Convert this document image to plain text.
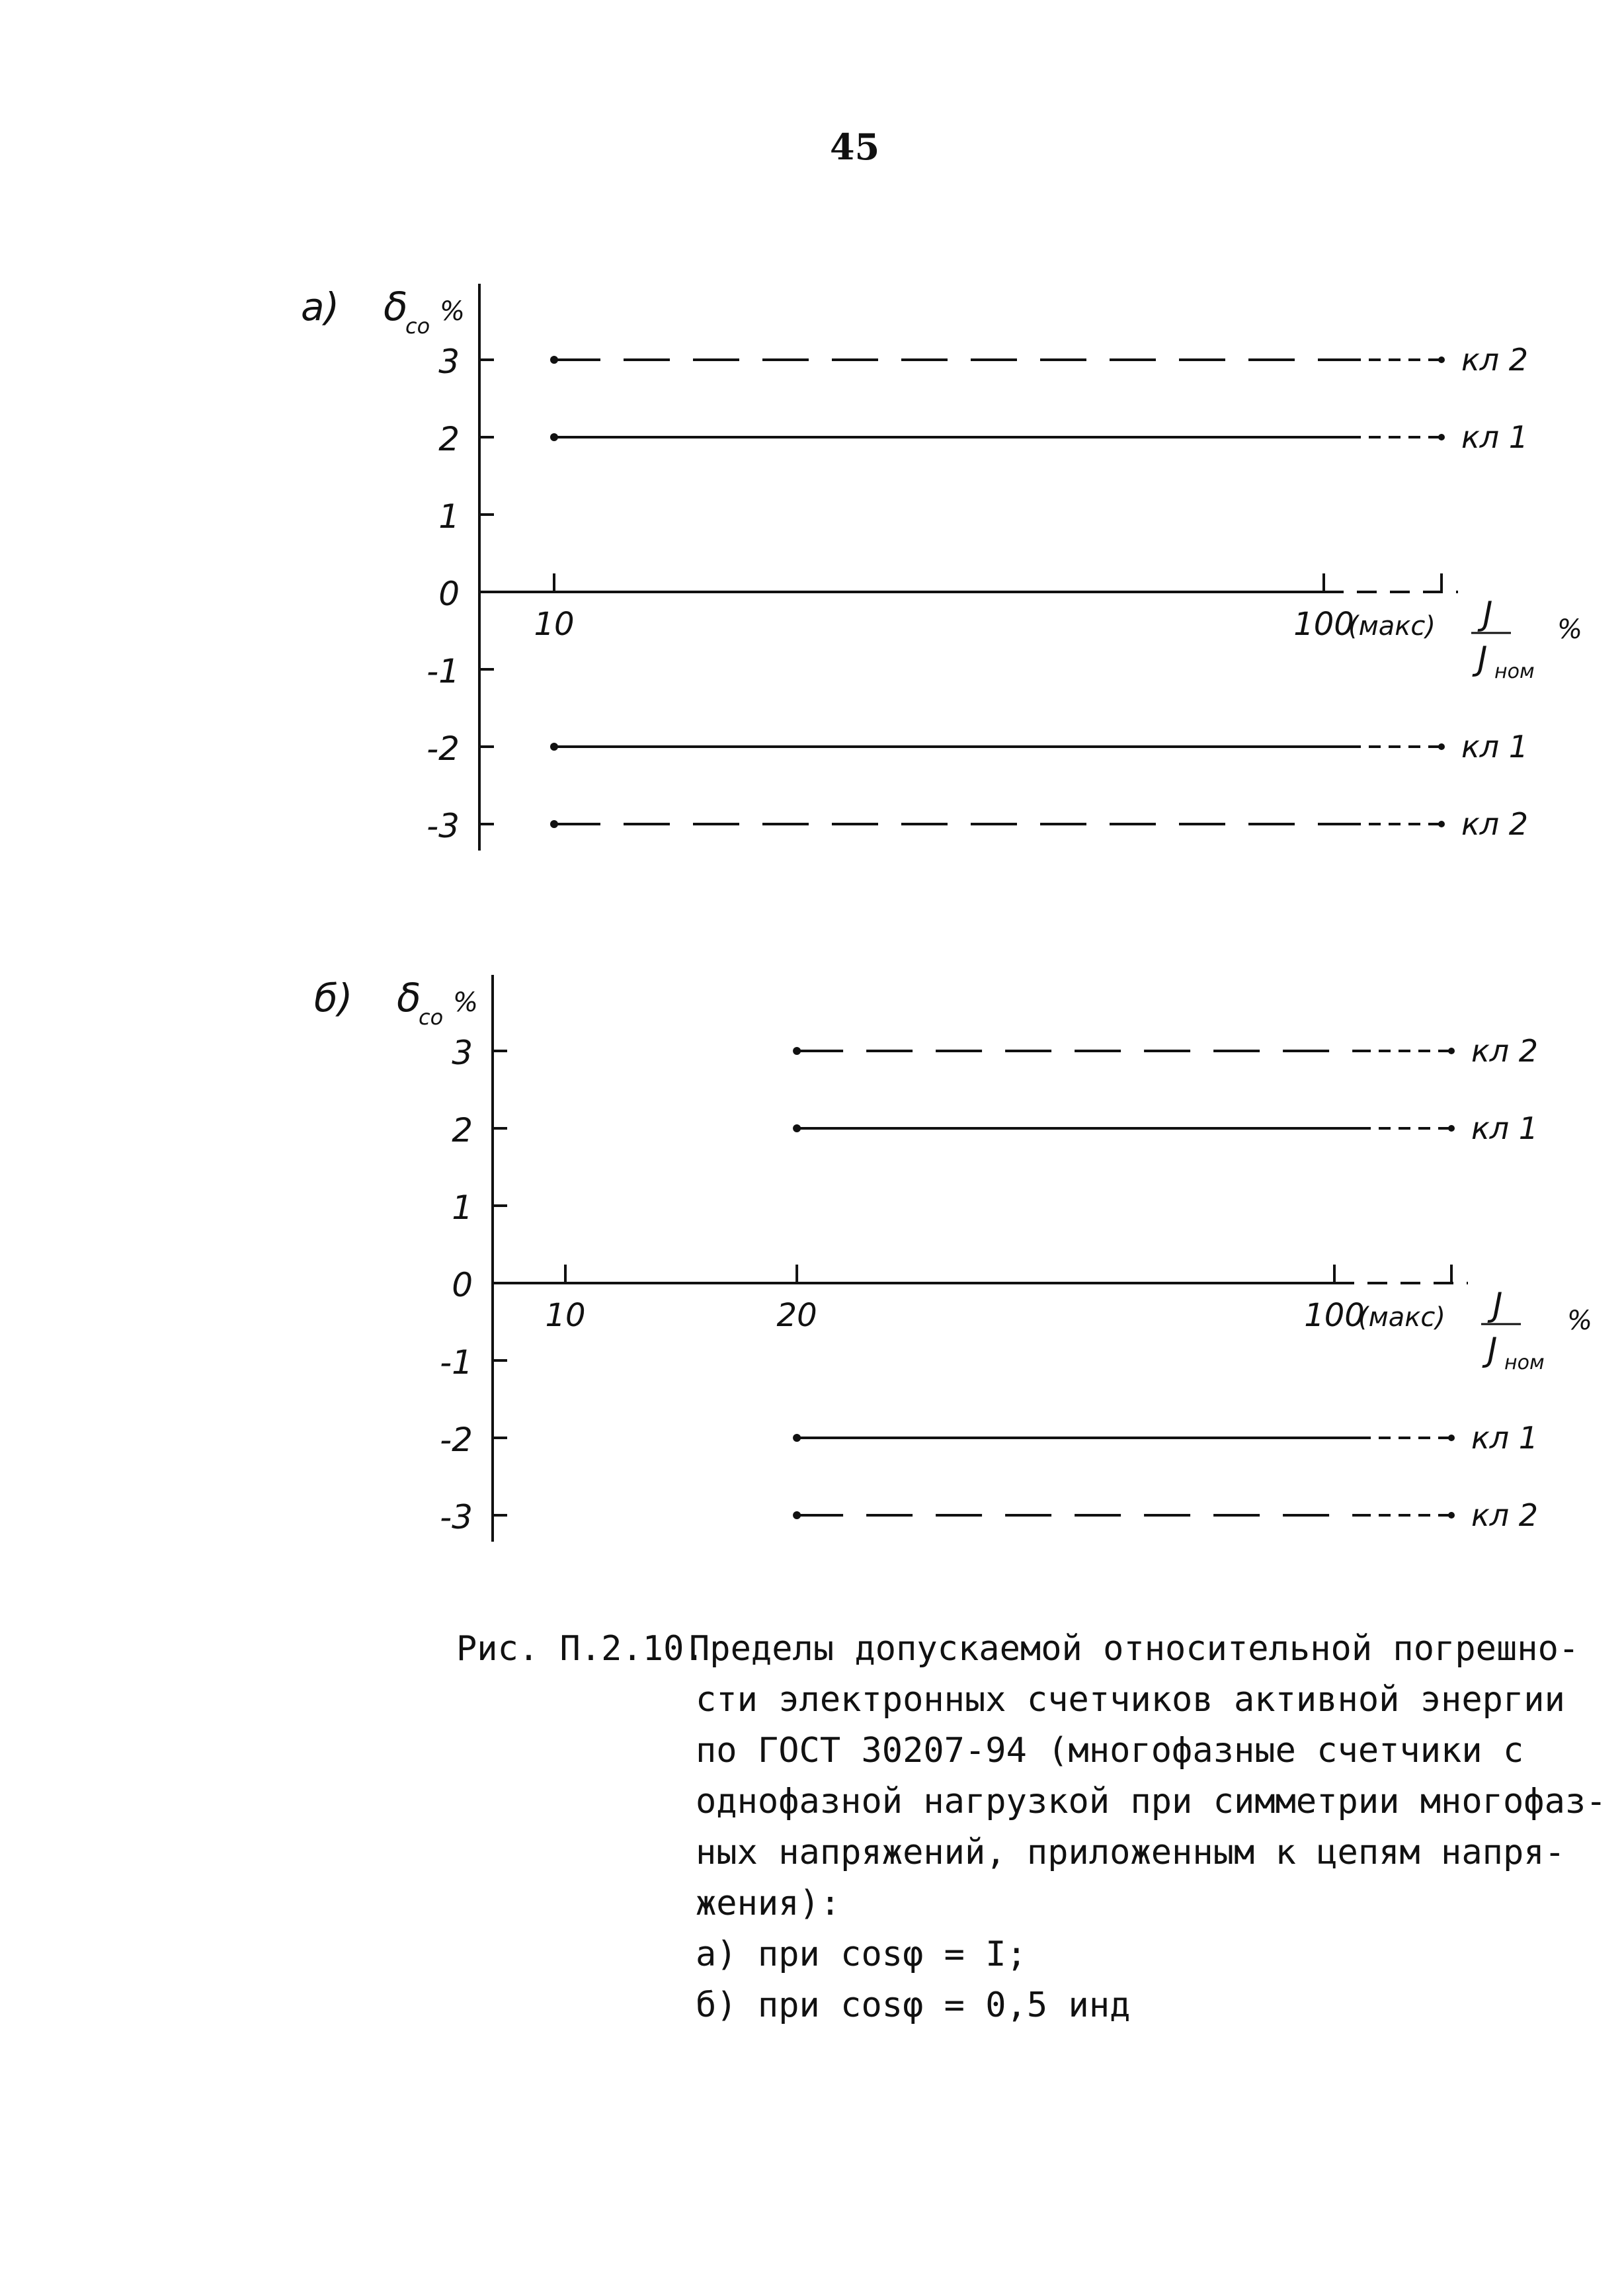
45
а) δ
co %
3
2
1
0
-1
-2
-3
10	100
(макс) J
J ном
%
кл 2
кл 1
кл 1
кл 2
б) δ
co %
3
2
1
0
-1
-2
-3
10	20	100
(макс) J
J ном
%
кл 2
кл 1
кл 1
кл 2
Рис. П.2.10.
Пределы допускаемой относительной погрешно-
сти электронных счетчиков активной энергии
по ГОСТ 30207-94 (многофазные счетчики с
однофазной нагрузкой при симметрии многофаз-
ных напряжений, приложенным к цепям напря-
жения):
а) при cosφ = I;
б) при cosφ = 0,5 инд
